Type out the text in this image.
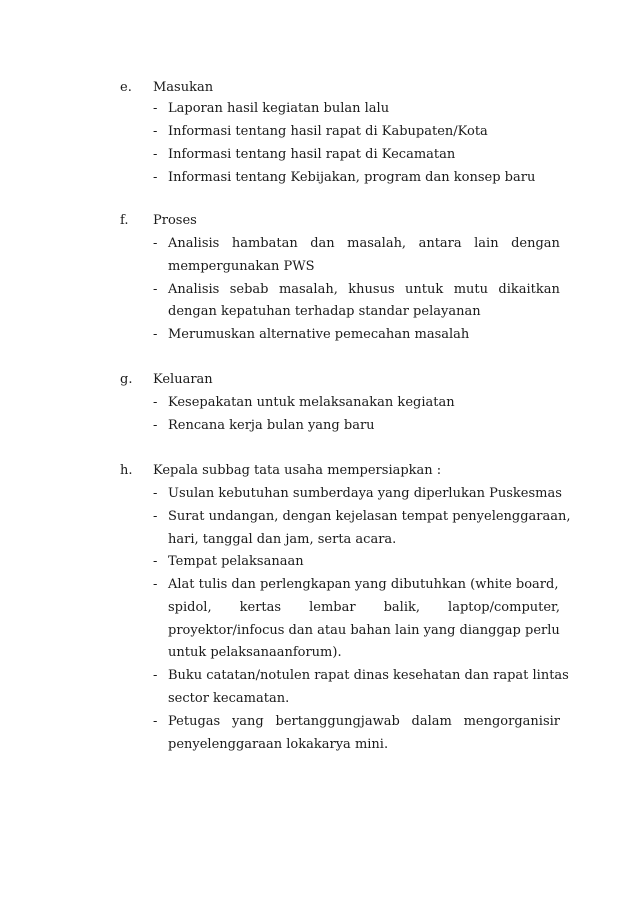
e. Masukan
- Laporan hasil kegiatan bulan lalu
- Informasi tentang hasil rapat di Kabupaten/Kota
- Informasi tentang hasil rapat di Kecamatan
- Informasi tentang Kebijakan, program dan konsep baru
f. Proses
- Analisis hambatan dan masalah, antara lain dengan
mempergunakan PWS
- Analisis sebab masalah, khusus untuk mutu dikaitkan
dengan kepatuhan terhadap standar pelayanan
- Merumuskan alternative pemecahan masalah
g. Keluaran
- Kesepakatan untuk melaksanakan kegiatan
- Rencana kerja bulan yang baru
h. Kepala subbag tata usaha mempersiapkan :
- Usulan kebutuhan sumberdaya yang diperlukan Puskesmas
- Surat undangan, dengan kejelasan tempat penyelenggaraan,
hari, tanggal dan jam, serta acara.
- Tempat pelaksanaan
- Alat tulis dan perlengkapan yang dibutuhkan (white board,
spidol, kertas lembar balik, laptop/computer,
proyektor/infocus dan atau bahan lain yang dianggap perlu
untuk pelaksanaanforum).
- Buku catatan/notulen rapat dinas kesehatan dan rapat lintas
sector kecamatan.
- Petugas yang bertanggungjawab dalam mengorganisir
penyelenggaraan lokakarya mini.
